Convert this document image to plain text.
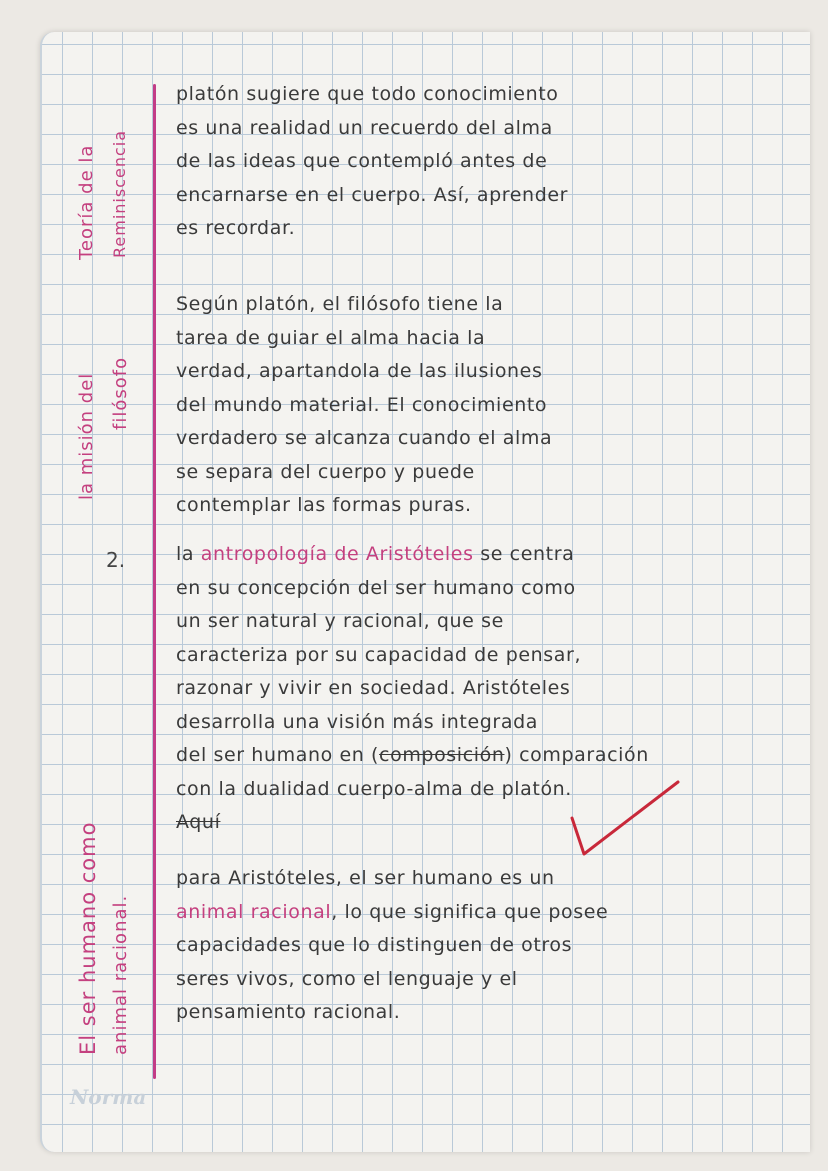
Teoría de la Reminiscencia
la misión del filósofo
El ser humano como animal racional.
2.
platón sugiere que todo conocimiento
es una realidad un recuerdo del alma
de las ideas que contempló antes de
encarnarse en el cuerpo. Así, aprender
es recordar.
Según platón, el filósofo tiene la
tarea de guiar el alma hacia la
verdad, apartandola de las ilusiones
del mundo material. El conocimiento
verdadero se alcanza cuando el alma
se separa del cuerpo y puede
contemplar las formas puras.
la antropología de Aristóteles se centra
en su concepción del ser humano como
un ser natural y racional, que se
caracteriza por su capacidad de pensar,
razonar y vivir en sociedad. Aristóteles
desarrolla una visión más integrada
del ser humano en (composición) comparación
con la dualidad cuerpo-alma de platón.
Aquí
para Aristóteles, el ser humano es un
animal racional, lo que significa que posee
capacidades que lo distinguen de otros
seres vivos, como el lenguaje y el
pensamiento racional.
Norma
